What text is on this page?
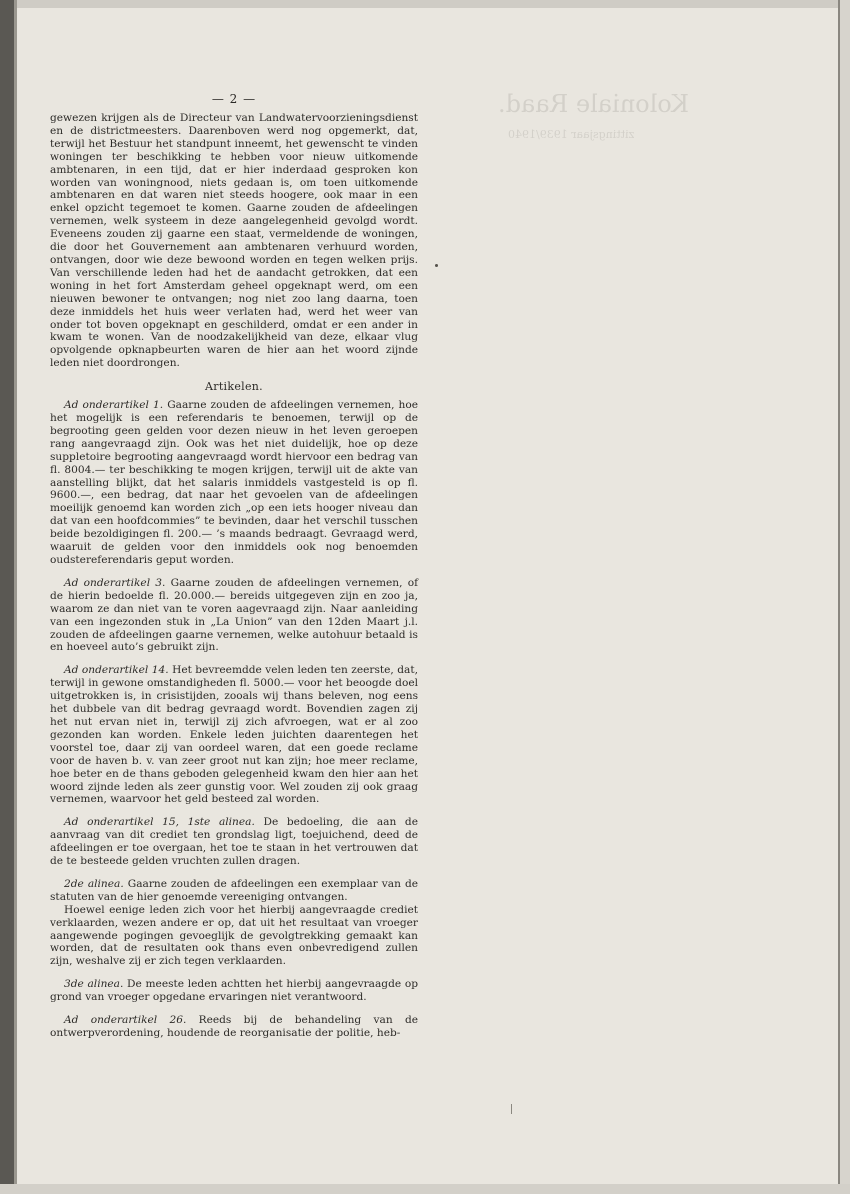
Koloniale Raad.
zittingsjaar 1939/1940
— 2 —

gewezen krijgen als de Directeur van Landwatervoorzieningsdienst en de districtmeesters. Daarenboven werd nog opgemerkt, dat, terwijl het Bestuur het standpunt inneemt, het gewenscht te vinden woningen ter beschikking te hebben voor nieuw uitkomende ambtenaren, in een tijd, dat er hier inderdaad gesproken kon worden van woningnood, niets gedaan is, om toen uitkomende ambtenaren en dat waren niet steeds hoogere, ook maar in een enkel opzicht tegemoet te komen. Gaarne zouden de afdeelingen vernemen, welk systeem in deze aangelegenheid gevolgd wordt. Eveneens zouden zij gaarne een staat, vermeldende de woningen, die door het Gouvernement aan ambtenaren verhuurd worden, ontvangen, door wie deze bewoond worden en tegen welken prijs. Van verschillende leden had het de aandacht getrokken, dat een woning in het fort Amsterdam geheel opgeknapt werd, om een nieuwen bewoner te ontvangen; nog niet zoo lang daarna, toen deze inmiddels het huis weer verlaten had, werd het weer van onder tot boven opgeknapt en geschilderd, omdat er een ander in kwam te wonen. Van de noodzakelijkheid van deze, elkaar vlug opvolgende opknapbeurten waren de hier aan het woord zijnde leden niet doordrongen.

Artikelen.

Ad onderartikel 1. Gaarne zouden de afdeelingen vernemen, hoe het mogelijk is een referendaris te benoemen, terwijl op de begrooting geen gelden voor dezen nieuw in het leven geroepen rang aangevraagd zijn. Ook was het niet duidelijk, hoe op deze suppletoire begrooting aangevraagd wordt hiervoor een bedrag van fl. 8004.— ter beschikking te mogen krijgen, terwijl uit de akte van aanstelling blijkt, dat het salaris inmiddels vastgesteld is op fl. 9600.—, een bedrag, dat naar het gevoelen van de afdeelingen moeilijk genoemd kan worden zich „op een iets hooger niveau dan dat van een hoofdcommies” te bevinden, daar het verschil tusschen beide bezoldigingen fl. 200.— ’s maands bedraagt. Gevraagd werd, waaruit de gelden voor den inmiddels ook nog benoemden oudstereferendaris geput worden.

Ad onderartikel 3. Gaarne zouden de afdeelingen vernemen, of de hierin bedoelde fl. 20.000.— bereids uitgegeven zijn en zoo ja, waarom ze dan niet van te voren aagevraagd zijn. Naar aanleiding van een ingezonden stuk in „La Union” van den 12den Maart j.l. zouden de afdeelingen gaarne vernemen, welke autohuur betaald is en hoeveel auto’s gebruikt zijn.

Ad onderartikel 14. Het bevreemdde velen leden ten zeerste, dat, terwijl in gewone omstandigheden fl. 5000.— voor het beoogde doel uitgetrokken is, in crisistijden, zooals wij thans beleven, nog eens het dubbele van dit bedrag gevraagd wordt. Bovendien zagen zij het nut ervan niet in, terwijl zij zich afvroegen, wat er al zoo gezonden kan worden. Enkele leden juichten daarentegen het voorstel toe, daar zij van oordeel waren, dat een goede reclame voor de haven b. v. van zeer groot nut kan zijn; hoe meer reclame, hoe beter en de thans geboden gelegenheid kwam den hier aan het woord zijnde leden als zeer gunstig voor. Wel zouden zij ook graag vernemen, waarvoor het geld besteed zal worden.

Ad onderartikel 15, 1ste alinea. De bedoeling, die aan de aanvraag van dit crediet ten grondslag ligt, toejuichend, deed de afdeelingen er toe overgaan, het toe te staan in het vertrouwen dat de te besteede gelden vruchten zullen dragen.

2de alinea. Gaarne zouden de afdeelingen een exemplaar van de statuten van de hier genoemde vereeniging ontvangen.

Hoewel eenige leden zich voor het hierbij aangevraagde crediet verklaarden, wezen andere er op, dat uit het resultaat van vroeger aangewende pogingen gevoeglijk de gevolgtrekking gemaakt kan worden, dat de resultaten ook thans even onbevredigend zullen zijn, weshalve zij er zich tegen verklaarden.

3de alinea. De meeste leden achtten het hierbij aangevraagde op grond van vroeger opgedane ervaringen niet verantwoord.

Ad onderartikel 26. Reeds bij de behandeling van de ontwerpverordening, houdende de reorganisatie der politie, heb-
